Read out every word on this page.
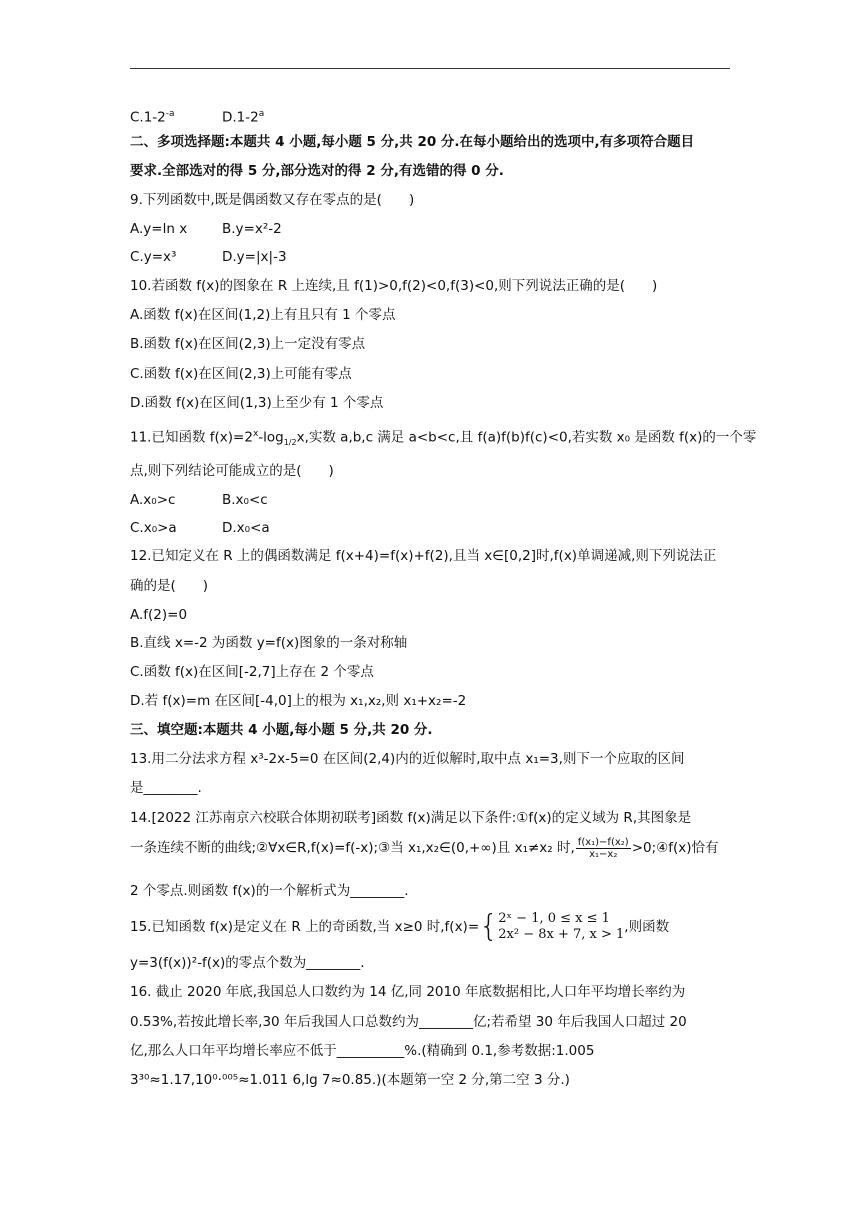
$C.1-2^{-a}$	D.1-2$^a$
二、多项选择题:本题共 4 小题,每小题 5 分,共 20 分.在每小题给出的选项中,有多项符合题目
要求.全部选对的得 5 分,部分选对的得 2 分,有选错的得 0 分.
9.下列函数中,既是偶函数又存在零点的是(　　)
A.y=ln x	B.y=x²-2
C.y=x³	D.y=|x|-3
10.若函数 f(x)的图象在 R 上连续,且 f(1)>0,f(2)<0,f(3)<0,则下列说法正确的是(　　)
A.函数 f(x)在区间(1,2)上有且只有 1 个零点
B.函数 f(x)在区间(2,3)上一定没有零点
C.函数 f(x)在区间(2,3)上可能有零点
D.函数 f(x)在区间(1,3)上至少有 1 个零点
11.已知函数 $f(x)=2^x-\log_{1/2}x$,实数 a,b,c 满足 a<b<c,且 f(a)f(b)f(c)<0,若实数 x₀ 是函数 f(x)的一个零
点,则下列结论可能成立的是(　　)
A.x₀>c	B.x₀<c
C.x₀>a	D.x₀<a
12.已知定义在 R 上的偶函数满足 f(x+4)=f(x)+f(2),且当 x∈[0,2]时,f(x)单调递减,则下列说法正
确的是(　　)
A.f(2)=0
B.直线 x=-2 为函数 y=f(x)图象的一条对称轴
C.函数 f(x)在区间[-2,7]上存在 2 个零点
D.若 f(x)=m 在区间[-4,0]上的根为 x₁,x₂,则 x₁+x₂=-2
三、填空题:本题共 4 小题,每小题 5 分,共 20 分.
13.用二分法求方程 x³-2x-5=0 在区间(2,4)内的近似解时,取中点 x₁=3,则下一个应取的区间
是________.
14.[2022 江苏南京六校联合体期初联考]函数 f(x)满足以下条件:①f(x)的定义域为 R,其图象是
一条连续不断的曲线;②∀x∈R,f(x)=f(-x);③当 x₁,x₂∈(0,+∞)且 x₁≠x₂ 时, $\frac{\text{f(x₁)−f(x₂)}}{\text{x₁−x₂}}$ >0;④f(x)恰有
2 个零点.则函数 f(x)的一个解析式为________.
15.已知函数 f(x)是定义在 R 上的奇函数,当 x≥0 时,f(x)={ 2ˣ − 1, 0 ≤ x ≤ 1
2x² − 8x + 7, x > 1 ,则函数
y=3(f(x))²-f(x)的零点个数为________.
16. 截止 2020 年底,我国总人口数约为 14 亿,同 2010 年底数据相比,人口年平均增长率约为
0.53%,若按此增长率,30 年后我国人口总数约为________亿;若希望 30 年后我国人口超过 20
亿,那么人口年平均增长率应不低于__________%.(精确到 0.1,参考数据:1.005
3³⁰≈1.17,10⁰·⁰⁰⁵≈1.011 6,lg 7≈0.85.)(本题第一空 2 分,第二空 3 分.)
